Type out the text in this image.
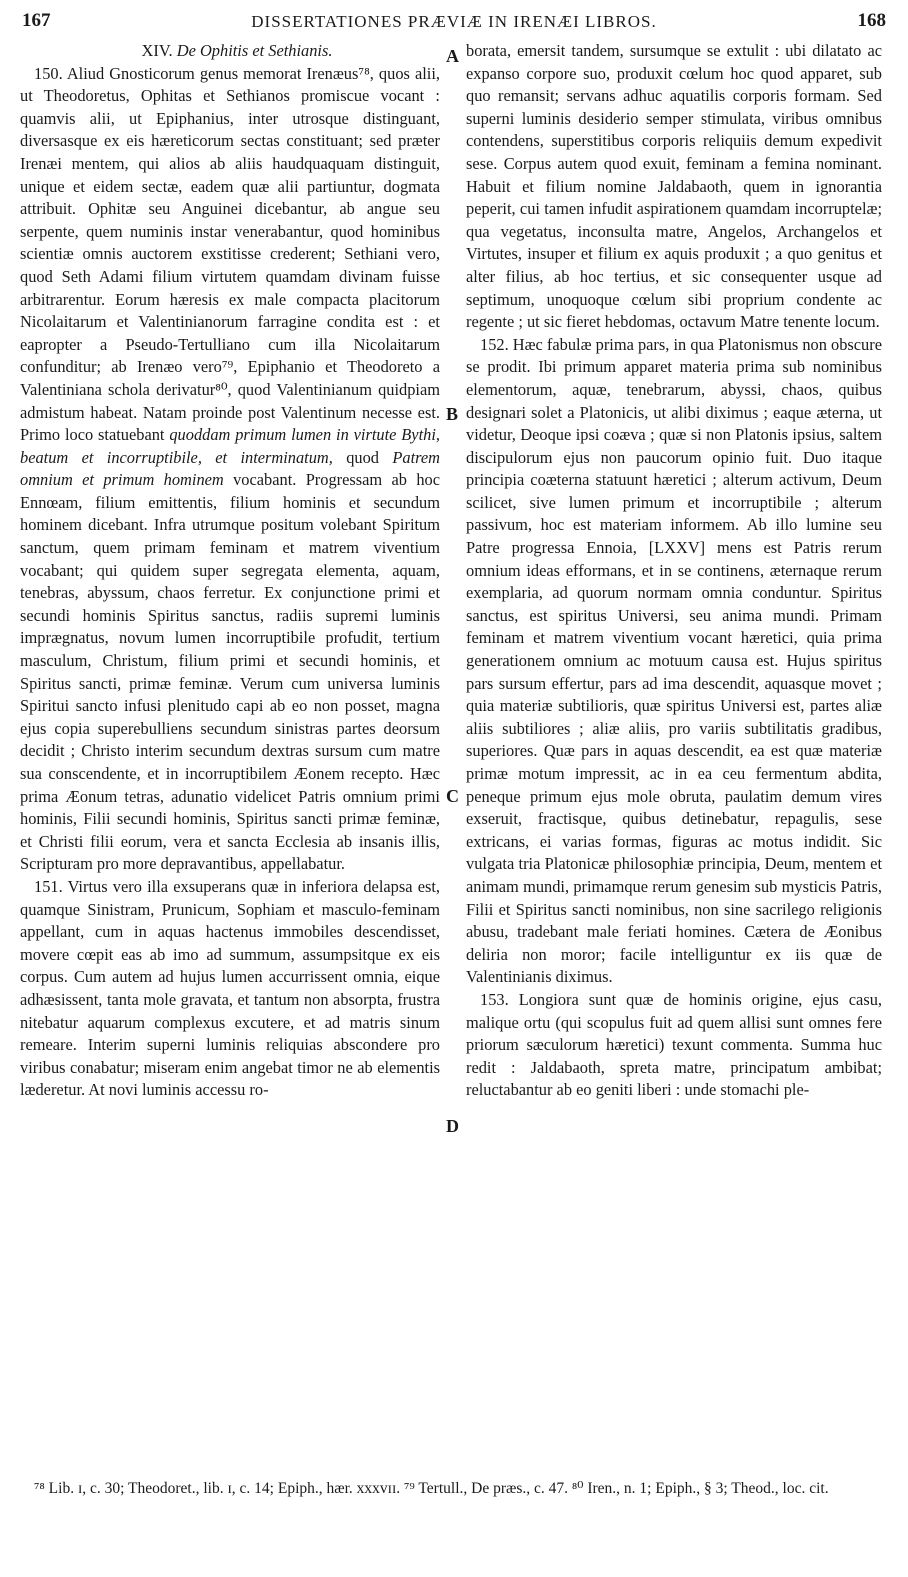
167	DISSERTATIONES PRÆVIÆ IN IRENÆI LIBROS.	168

XIV. De Ophitis et Sethianis.

150. Aliud Gnosticorum genus memorat Irenæus⁷⁸, quos alii, ut Theodoretus, Ophitas et Sethianos promiscue vocant : quamvis alii, ut Epiphanius, inter utrosque distinguant, diversasque ex eis hæreticorum sectas constituant; sed præter Irenæi mentem, qui alios ab aliis haudquaquam distinguit, unique et eidem sectæ, eadem quæ alii partiuntur, dogmata attribuit. Ophitæ seu Anguinei dicebantur, ab angue seu serpente, quem numinis instar venerabantur, quod hominibus scientiæ omnis auctorem exstitisse crederent; Sethiani vero, quod Seth Adami filium virtutem quamdam divinam fuisse arbitrarentur. Eorum hæresis ex male compacta placitorum Nicolaitarum et Valentinianorum farragine condita est : et eapropter a Pseudo-Tertulliano cum illa Nicolaitarum confunditur; ab Irenæo vero⁷⁹, Epiphanio et Theodoreto a Valentiniana schola derivatur⁸⁰, quod Valentinianum quidpiam admistum habeat. Natam proinde post Valentinum necesse est. Primo loco statuebant quoddam primum lumen in virtute Bythi, beatum et incorruptibile, et interminatum, quod Patrem omnium et primum hominem vocabant. Progressam ab hoc Ennœam, filium emittentis, filium hominis et secundum hominem dicebant. Infra utrumque positum volebant Spiritum sanctum, quem primam feminam et matrem viventium vocabant; qui quidem super segregata elementa, aquam, tenebras, abyssum, chaos ferretur. Ex conjunctione primi et secundi hominis Spiritus sanctus, radiis supremi luminis imprægnatus, novum lumen incorruptibile profudit, tertium masculum, Christum, filium primi et secundi hominis, et Spiritus sancti, primæ feminæ. Verum cum universa luminis Spiritui sancto infusi plenitudo capi ab eo non posset, magna ejus copia superebulliens secundum sinistras partes deorsum decidit ; Christo interim secundum dextras sursum cum matre sua conscendente, et in incorruptibilem Æonem recepto. Hæc prima Æonum tetras, adunatio videlicet Patris omnium primi hominis, Filii secundi hominis, Spiritus sancti primæ feminæ, et Christi filii eorum, vera et sancta Ecclesia ab insanis illis, Scripturam pro more depravantibus, appellabatur.

151. Virtus vero illa exsuperans quæ in inferiora delapsa est, quamque Sinistram, Prunicum, Sophiam et masculo-feminam appellant, cum in aquas hactenus immobiles descendisset, movere cœpit eas ab imo ad summum, assumpsitque ex eis corpus. Cum autem ad hujus lumen accurrissent omnia, eique adhæsissent, tanta mole gravata, et tantum non absorpta, frustra nitebatur aquarum complexus excutere, et ad matris sinum remeare. Interim superni luminis reliquias abscondere pro viribus conabatur; miseram enim angebat timor ne ab elementis læderetur. At novi luminis accessu ro-

A
B
C
D

borata, emersit tandem, sursumque se extulit : ubi dilatato ac expanso corpore suo, produxit cœlum hoc quod apparet, sub quo remansit; servans adhuc aquatilis corporis formam. Sed superni luminis desiderio semper stimulata, viribus omnibus contendens, superstitibus corporis reliquiis demum expedivit sese. Corpus autem quod exuit, feminam a femina nominant. Habuit et filium nomine Jaldabaoth, quem in ignorantia peperit, cui tamen infudit aspirationem quamdam incorruptelæ; qua vegetatus, inconsulta matre, Angelos, Archangelos et Virtutes, insuper et filium ex aquis produxit ; a quo genitus et alter filius, ab hoc tertius, et sic consequenter usque ad septimum, unoquoque cœlum sibi proprium condente ac regente ; ut sic fieret hebdomas, octavum Matre tenente locum.

152. Hæc fabulæ prima pars, in qua Platonismus non obscure se prodit. Ibi primum apparet materia prima sub nominibus elementorum, aquæ, tenebrarum, abyssi, chaos, quibus designari solet a Platonicis, ut alibi diximus ; eaque æterna, ut videtur, Deoque ipsi coæva ; quæ si non Platonis ipsius, saltem discipulorum ejus non paucorum opinio fuit. Duo itaque principia coæterna statuunt hæretici ; alterum activum, Deum scilicet, sive lumen primum et incorruptibile ; alterum passivum, hoc est materiam informem. Ab illo lumine seu Patre progressa Ennoia, [LXXV] mens est Patris rerum omnium ideas efformans, et in se continens, æternaque rerum exemplaria, ad quorum normam omnia conduntur. Spiritus sanctus, est spiritus Universi, seu anima mundi. Primam feminam et matrem viventium vocant hæretici, quia prima generationem omnium ac motuum causa est. Hujus spiritus pars sursum effertur, pars ad ima descendit, aquasque movet ; quia materiæ subtilioris, quæ spiritus Universi est, partes aliæ aliis subtiliores ; aliæ aliis, pro variis subtilitatis gradibus, superiores. Quæ pars in aquas descendit, ea est quæ materiæ primæ motum impressit, ac in ea ceu fermentum abdita, peneque primum ejus mole obruta, paulatim demum vires exseruit, fractisque, quibus detinebatur, repagulis, sese extricans, ei varias formas, figuras ac motus indidit. Sic vulgata tria Platonicæ philosophiæ principia, Deum, mentem et animam mundi, primamque rerum genesim sub mysticis Patris, Filii et Spiritus sancti nominibus, non sine sacrilego religionis abusu, tradebant male feriati homines. Cætera de Æonibus deliria non moror; facile intelliguntur ex iis quæ de Valentinianis diximus.

153. Longiora sunt quæ de hominis origine, ejus casu, malique ortu (qui scopulus fuit ad quem allisi sunt omnes fere priorum sæculorum hæretici) texunt commenta. Summa huc redit : Jaldabaoth, spreta matre, principatum ambibat; reluctabantur ab eo geniti liberi : unde stomachi ple-

⁷⁸ Lib. ɪ, c. 30; Theodoret., lib. ɪ, c. 14; Epiph., hær. xxxvɪɪ. ⁷⁹ Tertull., De præs., c. 47. ⁸⁰ Iren., n. 1; Epiph., § 3; Theod., loc. cit.
